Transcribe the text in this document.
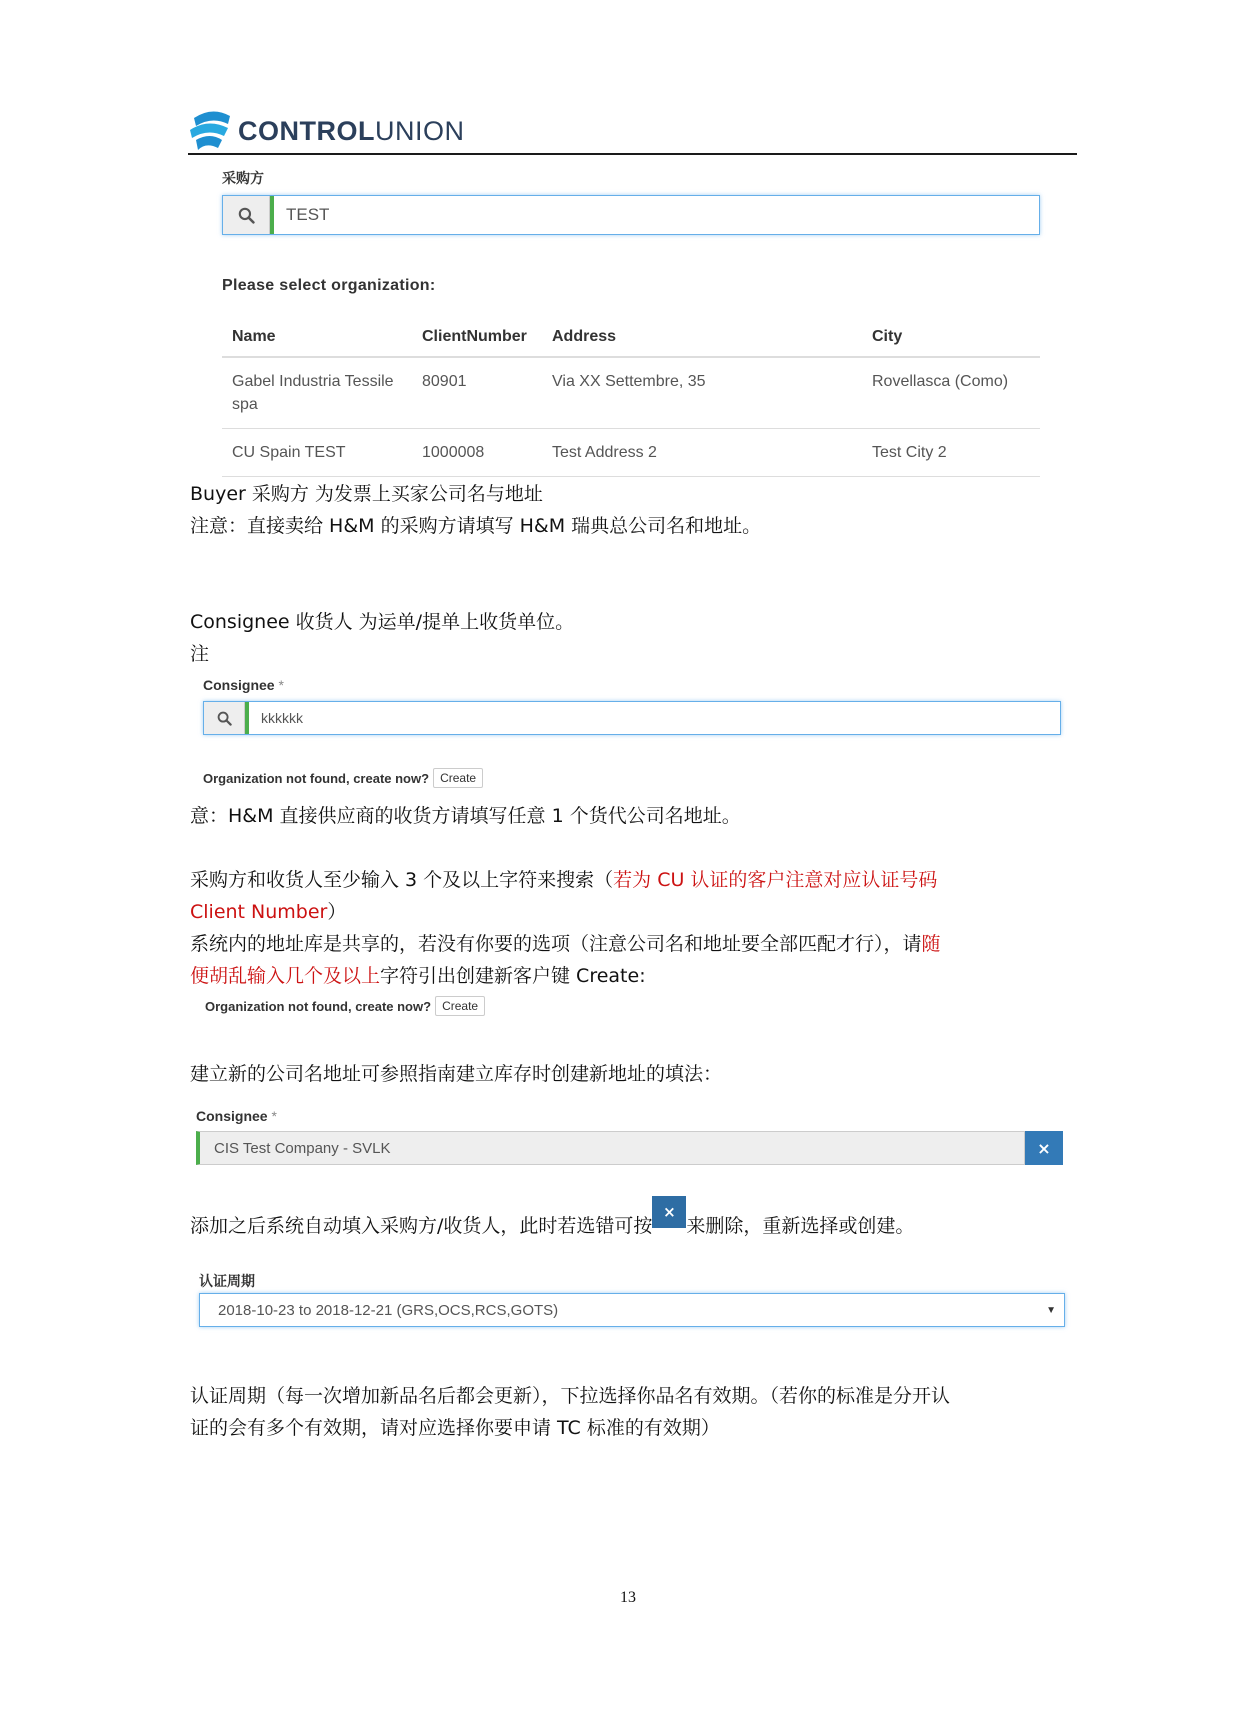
CONTROLUNION
采购方
TEST
Please select organization:
Name	ClientNumber	Address	City
Gabel Industria Tessile spa	80901	Via XX Settembre, 35	Rovellasca (Como)
CU Spain TEST	1000008	Test Address 2	Test City 2
Buyer 采购方 为发票上买家公司名与地址
注意：直接卖给 H&M 的采购方请填写 H&M 瑞典总公司名和地址。
Consignee 收货人 为运单/提单上收货单位。
注
Consignee *
kkkkkk
Organization not found, create now? Create
意：H&M 直接供应商的收货方请填写任意 1 个货代公司名地址。
采购方和收货人至少输入 3 个及以上字符来搜索（若为 CU 认证的客户注意对应认证号码
Client Number）
系统内的地址库是共享的，若没有你要的选项（注意公司名和地址要全部匹配才行），请随
便胡乱输入几个及以上字符引出创建新客户键 Create:
Organization not found, create now? Create
建立新的公司名地址可参照指南建立库存时创建新地址的填法：
Consignee *
CIS Test Company - SVLK	×
添加之后系统自动填入采购方/收货人，此时若选错可按×来删除，重新选择或创建。
认证周期
2018-10-23 to 2018-12-21 (GRS,OCS,RCS,GOTS)	▼
认证周期（每一次增加新品名后都会更新），下拉选择你品名有效期。（若你的标准是分开认
证的会有多个有效期，请对应选择你要申请 TC 标准的有效期）
13
